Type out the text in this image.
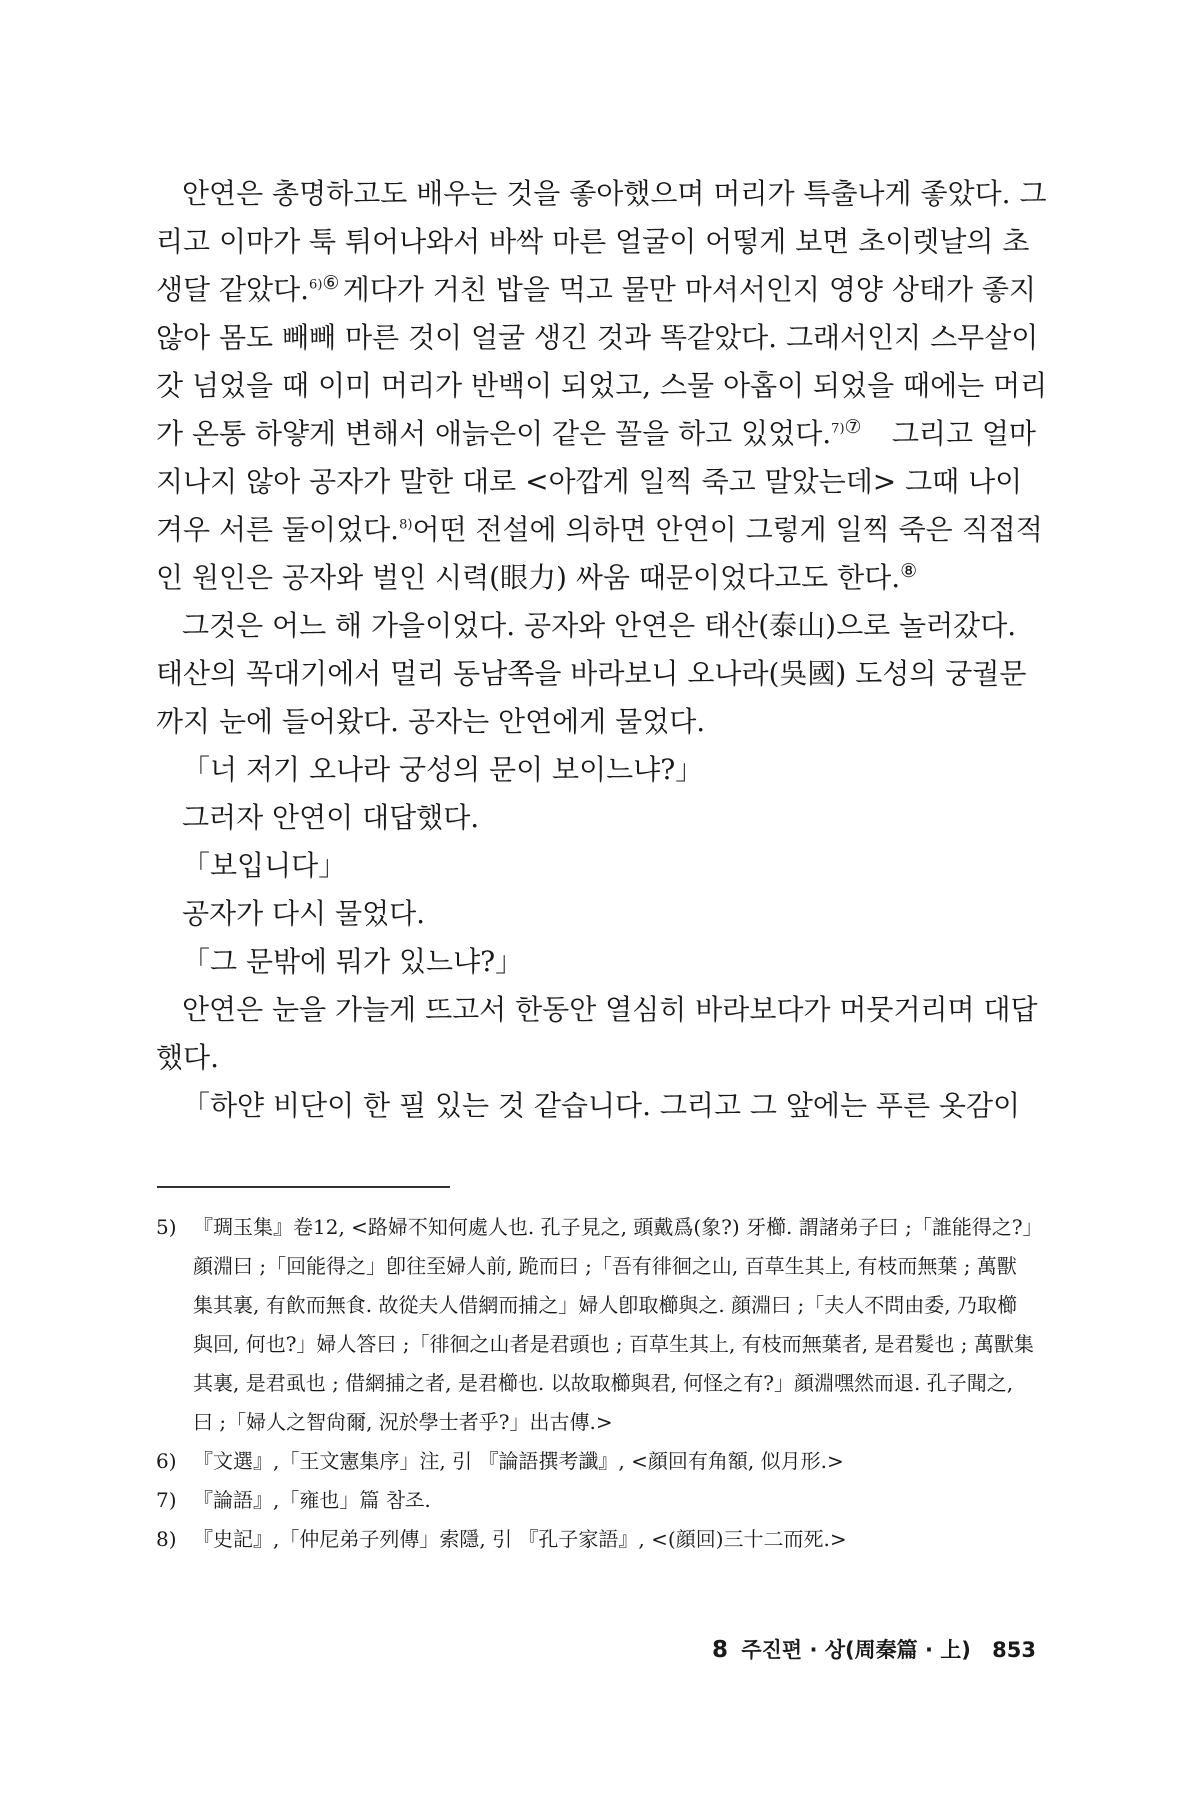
안연은 총명하고도 배우는 것을 좋아했으며 머리가 특출나게 좋았다. 그
리고 이마가 툭 튀어나와서 바싹 마른 얼굴이 어떻게 보면 초이렛날의 초
생달 같았다.$^{6)}$⑥ 게다가 거친 밥을 먹고 물만 마셔서인지 영양 상태가 좋지
않아 몸도 빼빼 마른 것이 얼굴 생긴 것과 똑같았다. 그래서인지 스무살이
갓 넘었을 때 이미 머리가 반백이 되었고, 스물 아홉이 되었을 때에는 머리
가 온통 하얗게 변해서 애늙은이 같은 꼴을 하고 있었다.$^{7)}$⑦ 그리고 얼마
지나지 않아 공자가 말한 대로 <아깝게 일찍 죽고 말았는데> 그때 나이
겨우 서른 둘이었다.$^{8)}$ 어떤 전설에 의하면 안연이 그렇게 일찍 죽은 직접적
인 원인은 공자와 벌인 시력(眼力) 싸움 때문이었다고도 한다.⑧
그것은 어느 해 가을이었다. 공자와 안연은 태산(泰山)으로 놀러갔다.
태산의 꼭대기에서 멀리 동남쪽을 바라보니 오나라(吳國) 도성의 궁궐문
까지 눈에 들어왔다. 공자는 안연에게 물었다.
「너 저기 오나라 궁성의 문이 보이느냐?」
그러자 안연이 대답했다.
「보입니다」
공자가 다시 물었다.
「그 문밖에 뭐가 있느냐?」
안연은 눈을 가늘게 뜨고서 한동안 열심히 바라보다가 머뭇거리며 대답
했다.
「하얀 비단이 한 필 있는 것 같습니다. 그리고 그 앞에는 푸른 옷감이
5) 『琱玉集』卷12, <路婦不知何處人也. 孔子見之, 頭戴爲(象?) 牙櫛. 謂諸弟子曰 ;「誰能得之?」顔淵曰 ;「回能得之」卽往至婦人前, 跪而曰 ;「吾有徘徊之山, 百草生其上, 有枝而無葉 ; 萬獸集其裏, 有飮而無食. 故從夫人借網而捕之」婦人卽取櫛與之. 顔淵曰 ;「夫人不問由委, 乃取櫛與回, 何也?」婦人答曰 ;「徘徊之山者是君頭也 ; 百草生其上, 有枝而無葉者, 是君髮也 ; 萬獸集其裏, 是君虱也 ; 借網捕之者, 是君櫛也. 以故取櫛與君, 何怪之有?」顔淵嘿然而退. 孔子聞之, 曰 ;「婦人之智尙爾, 況於學士者乎?」出古傳.>
6) 『文選』,「王文憲集序」注, 引 『論語撰考讖』, <顔回有角額, 似月形.>
7) 『論語』,「雍也」篇 참조.
8) 『史記』,「仲尼弟子列傳」索隱, 引 『孔子家語』, <(顔回)三十二而死.>
8 주진편 · 상(周秦篇 · 上) 853
